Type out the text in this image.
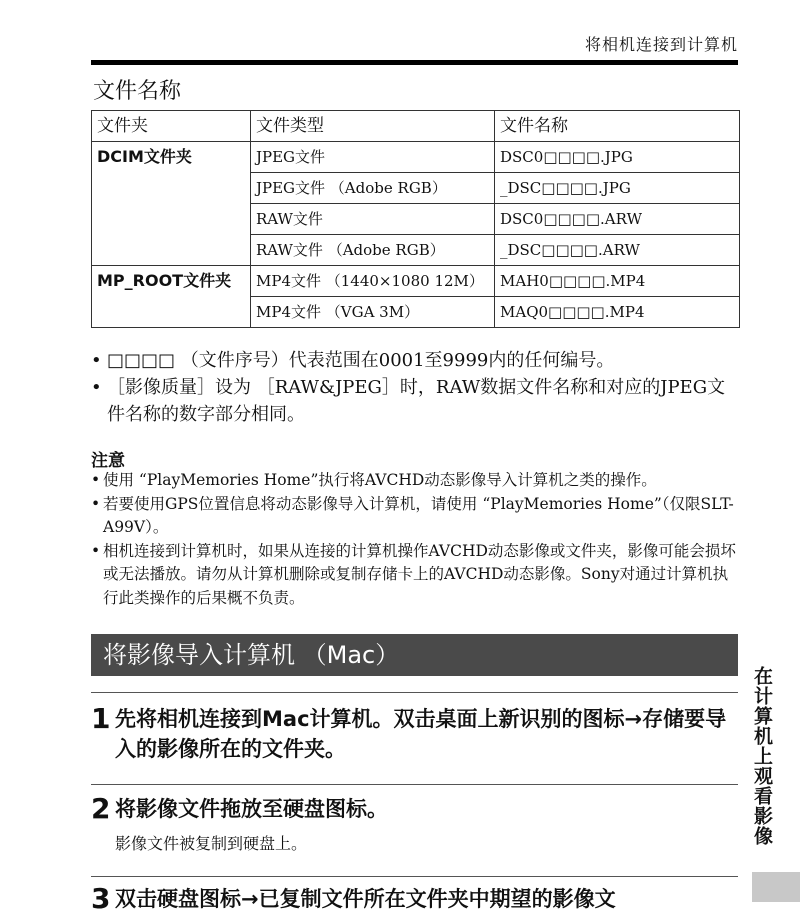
将相机连接到计算机
文件名称
文件夹	文件类型	文件名称
DCIM文件夹	JPEG文件	DSC0□□□□.JPG
	JPEG文件 （Adobe RGB）	_DSC□□□□.JPG
	RAW文件	DSC0□□□□.ARW
	RAW文件 （Adobe RGB）	_DSC□□□□.ARW
MP_ROOT文件夹	MP4文件 （1440×1080 12M）	MAH0□□□□.MP4
	MP4文件 （VGA 3M）	MAQ0□□□□.MP4
• □□□□ （文件序号）代表范围在0001至9999内的任何编号。
• ［影像质量］设为 ［RAW&JPEG］时，RAW数据文件名称和对应的JPEG文件名称的数字部分相同。
注意
• 使用 “PlayMemories Home”执行将AVCHD动态影像导入计算机之类的操作。
• 若要使用GPS位置信息将动态影像导入计算机，请使用 “PlayMemories Home”（仅限SLT-A99V）。
• 相机连接到计算机时，如果从连接的计算机操作AVCHD动态影像或文件夹，影像可能会损坏或无法播放。请勿从计算机删除或复制存储卡上的AVCHD动态影像。Sony对通过计算机执行此类操作的后果概不负责。
将影像导入计算机 （Mac）
1 先将相机连接到Mac计算机。双击桌面上新识别的图标→存储要导入的影像所在的文件夹。
2 将影像文件拖放至硬盘图标。
影像文件被复制到硬盘上。
3 双击硬盘图标→已复制文件所在文件夹中期望的影像文
在计算机上观看影像
